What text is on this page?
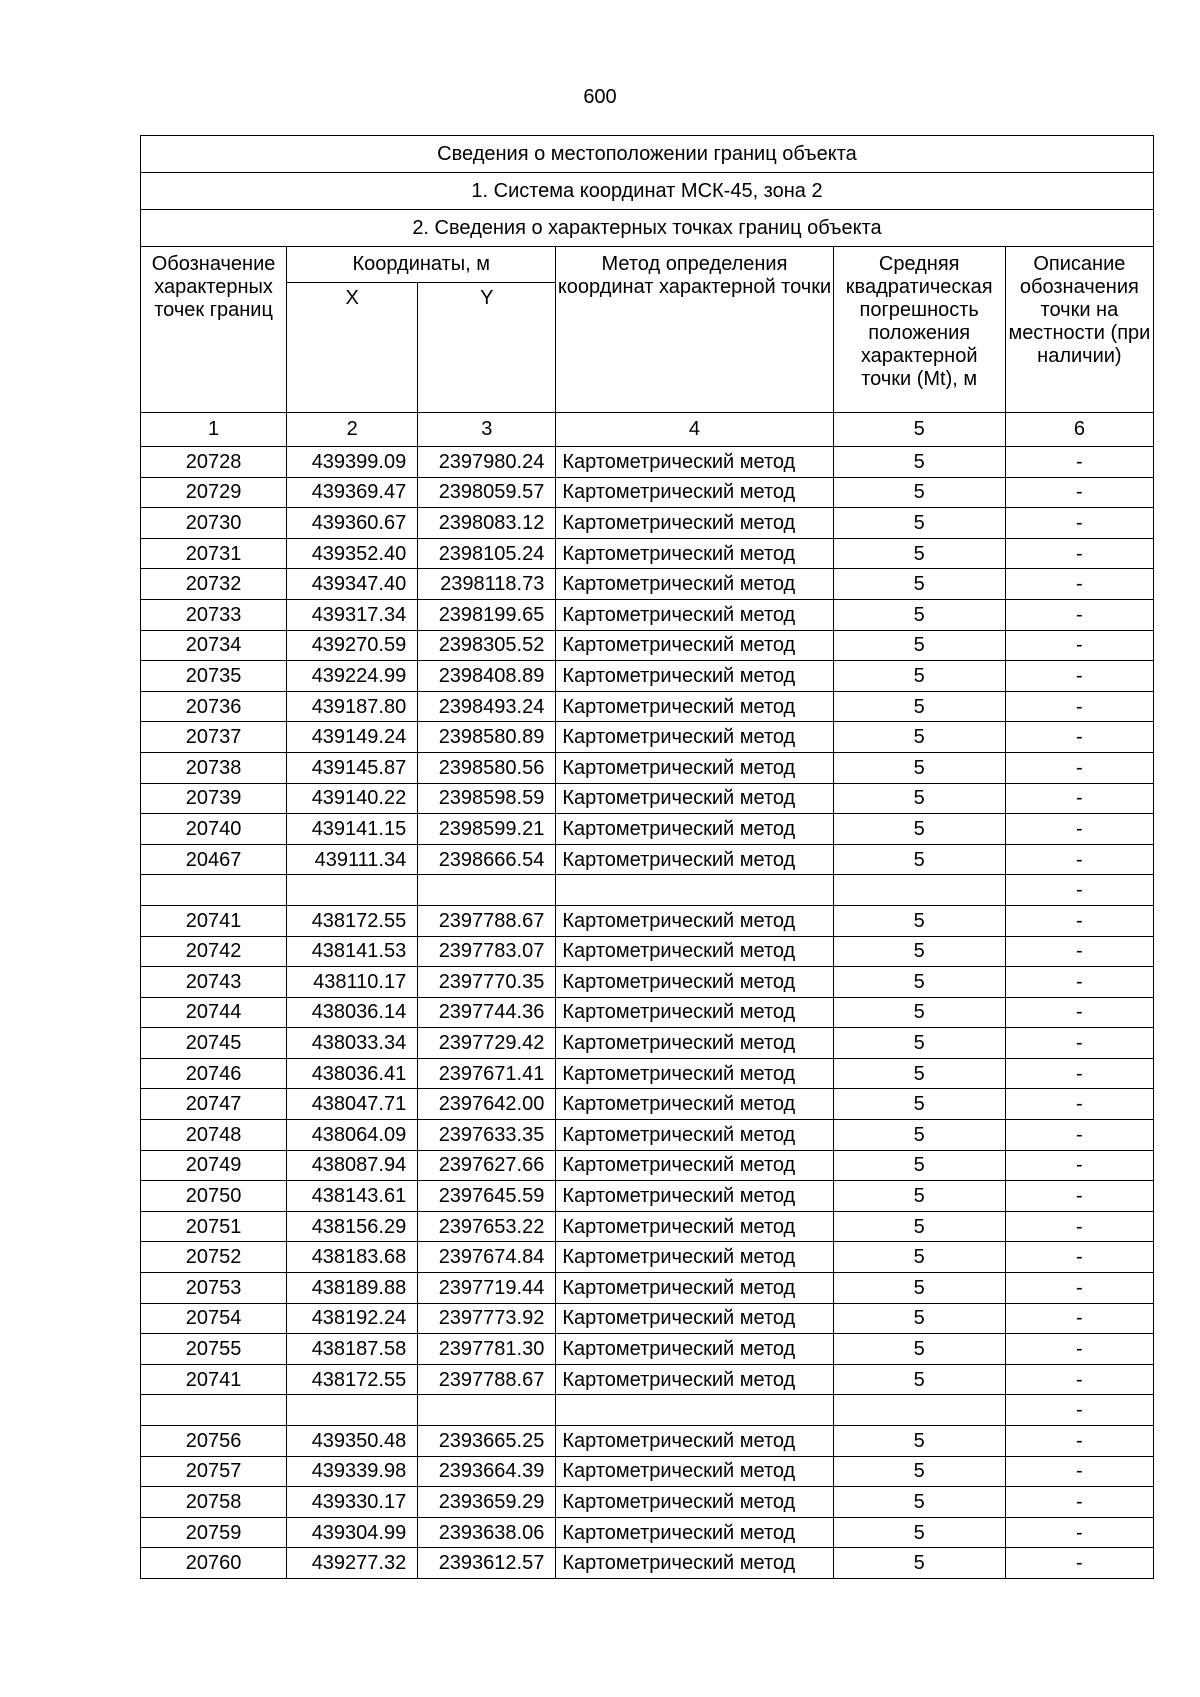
600
Сведения о местоположении границ объекта					
1. Система координат МСК-45, зона 2					
2. Сведения о характерных точках границ объекта					
Обозначение характерных точек границ	Координаты, м		Метод определения координат характерной точки	Средняя квадратическая погрешность положения характерной точки (Mt), м	Описание обозначения точки на местности (при наличии)
	X	Y			
1	2	3	4	5	6
20728	439399.09	2397980.24	Картометрический метод	5	-
20729	439369.47	2398059.57	Картометрический метод	5	-
20730	439360.67	2398083.12	Картометрический метод	5	-
20731	439352.40	2398105.24	Картометрический метод	5	-
20732	439347.40	2398118.73	Картометрический метод	5	-
20733	439317.34	2398199.65	Картометрический метод	5	-
20734	439270.59	2398305.52	Картометрический метод	5	-
20735	439224.99	2398408.89	Картометрический метод	5	-
20736	439187.80	2398493.24	Картометрический метод	5	-
20737	439149.24	2398580.89	Картометрический метод	5	-
20738	439145.87	2398580.56	Картометрический метод	5	-
20739	439140.22	2398598.59	Картометрический метод	5	-
20740	439141.15	2398599.21	Картометрический метод	5	-
20467	439111.34	2398666.54	Картометрический метод	5	-
					-
20741	438172.55	2397788.67	Картометрический метод	5	-
20742	438141.53	2397783.07	Картометрический метод	5	-
20743	438110.17	2397770.35	Картометрический метод	5	-
20744	438036.14	2397744.36	Картометрический метод	5	-
20745	438033.34	2397729.42	Картометрический метод	5	-
20746	438036.41	2397671.41	Картометрический метод	5	-
20747	438047.71	2397642.00	Картометрический метод	5	-
20748	438064.09	2397633.35	Картометрический метод	5	-
20749	438087.94	2397627.66	Картометрический метод	5	-
20750	438143.61	2397645.59	Картометрический метод	5	-
20751	438156.29	2397653.22	Картометрический метод	5	-
20752	438183.68	2397674.84	Картометрический метод	5	-
20753	438189.88	2397719.44	Картометрический метод	5	-
20754	438192.24	2397773.92	Картометрический метод	5	-
20755	438187.58	2397781.30	Картометрический метод	5	-
20741	438172.55	2397788.67	Картометрический метод	5	-
					-
20756	439350.48	2393665.25	Картометрический метод	5	-
20757	439339.98	2393664.39	Картометрический метод	5	-
20758	439330.17	2393659.29	Картометрический метод	5	-
20759	439304.99	2393638.06	Картометрический метод	5	-
20760	439277.32	2393612.57	Картометрический метод	5	-
